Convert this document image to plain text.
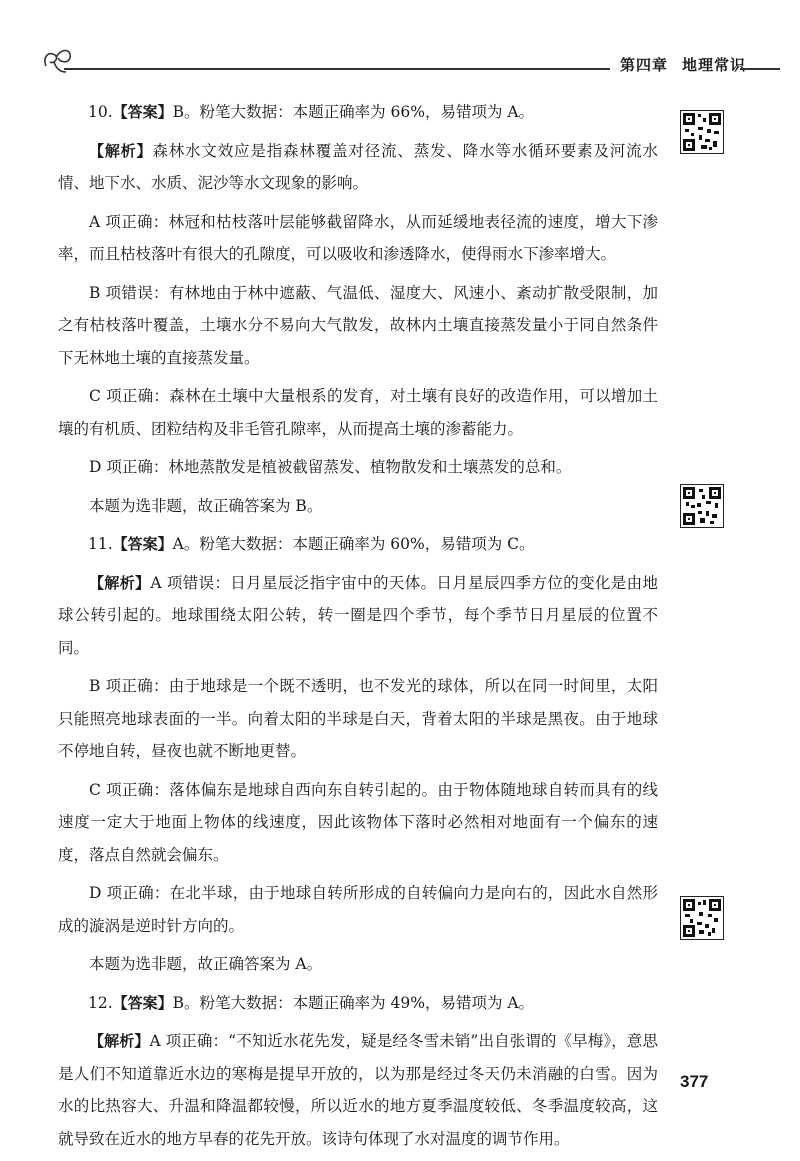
第四章 地理常识

10.【答案】B。粉笔大数据：本题正确率为 66%，易错项为 A。

【解析】森林水文效应是指森林覆盖对径流、蒸发、降水等水循环要素及河流水情、地下水、水质、泥沙等水文现象的影响。

A 项正确：林冠和枯枝落叶层能够截留降水，从而延缓地表径流的速度，增大下渗率，而且枯枝落叶有很大的孔隙度，可以吸收和渗透降水，使得雨水下渗率增大。

B 项错误：有林地由于林中遮蔽、气温低、湿度大、风速小、紊动扩散受限制，加之有枯枝落叶覆盖，土壤水分不易向大气散发，故林内土壤直接蒸发量小于同自然条件下无林地土壤的直接蒸发量。

C 项正确：森林在土壤中大量根系的发育，对土壤有良好的改造作用，可以增加土壤的有机质、团粒结构及非毛管孔隙率，从而提高土壤的渗蓄能力。

D 项正确：林地蒸散发是植被截留蒸发、植物散发和土壤蒸发的总和。

本题为选非题，故正确答案为 B。

11.【答案】A。粉笔大数据：本题正确率为 60%，易错项为 C。

【解析】A 项错误：日月星辰泛指宇宙中的天体。日月星辰四季方位的变化是由地球公转引起的。地球围绕太阳公转，转一圈是四个季节，每个季节日月星辰的位置不同。

B 项正确：由于地球是一个既不透明，也不发光的球体，所以在同一时间里，太阳只能照亮地球表面的一半。向着太阳的半球是白天，背着太阳的半球是黑夜。由于地球不停地自转，昼夜也就不断地更替。

C 项正确：落体偏东是地球自西向东自转引起的。由于物体随地球自转而具有的线速度一定大于地面上物体的线速度，因此该物体下落时必然相对地面有一个偏东的速度，落点自然就会偏东。

D 项正确：在北半球，由于地球自转所形成的自转偏向力是向右的，因此水自然形成的漩涡是逆时针方向的。

本题为选非题，故正确答案为 A。

12.【答案】B。粉笔大数据：本题正确率为 49%，易错项为 A。

【解析】A 项正确：“不知近水花先发，疑是经冬雪未销”出自张谓的《早梅》，意思是人们不知道靠近水边的寒梅是提早开放的，以为那是经过冬天仍未消融的白雪。因为水的比热容大、升温和降温都较慢，所以近水的地方夏季温度较低、冬季温度较高，这就导致在近水的地方早春的花先开放。该诗句体现了水对温度的调节作用。

377
